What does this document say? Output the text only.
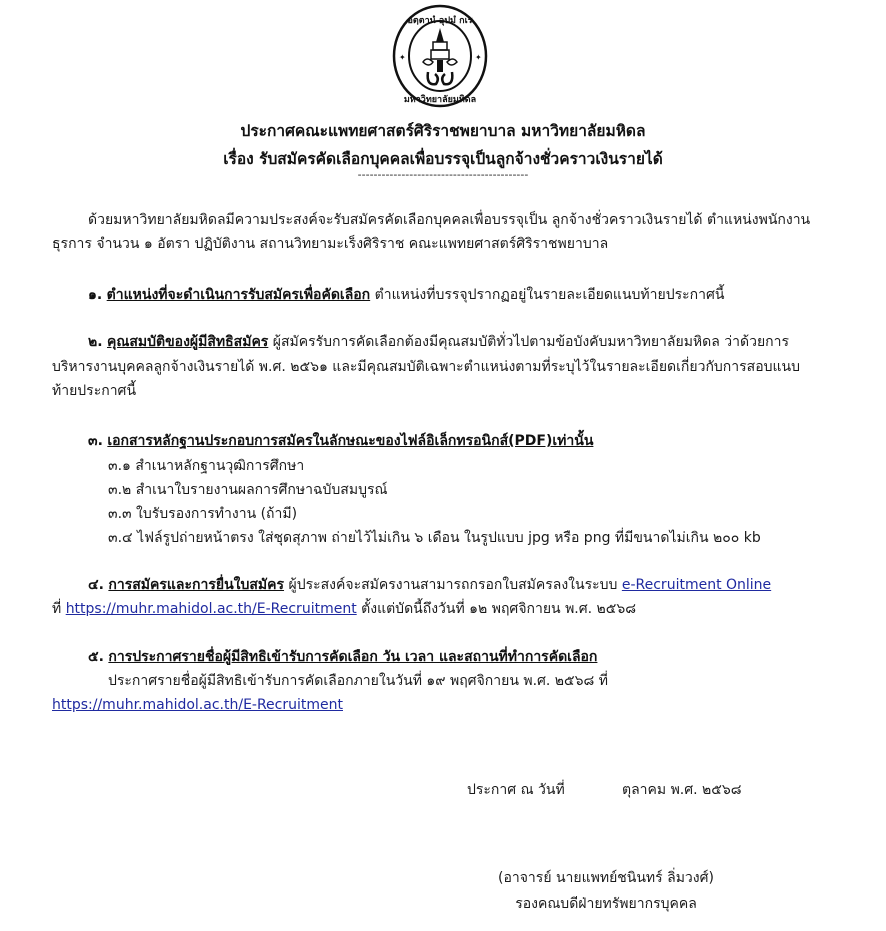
อตฺตานํ อุปมํ กเร
มหาวิทยาลัยมหิดล
✦	✦
ประกาศคณะแพทยศาสตร์ศิริราชพยาบาล มหาวิทยาลัยมหิดล
เรื่อง รับสมัครคัดเลือกบุคคลเพื่อบรรจุเป็นลูกจ้างชั่วคราวเงินรายได้
-------------------------------------------
ด้วยมหาวิทยาลัยมหิดลมีความประสงค์จะรับสมัครคัดเลือกบุคคลเพื่อบรรจุเป็น ลูกจ้างชั่วคราวเงินรายได้ ตำแหน่งพนักงาน
ธุรการ จำนวน ๑ อัตรา ปฏิบัติงาน สถานวิทยามะเร็งศิริราช คณะแพทยศาสตร์ศิริราชพยาบาล
๑. ตำแหน่งที่จะดำเนินการรับสมัครเพื่อคัดเลือก ตำแหน่งที่บรรจุปรากฏอยู่ในรายละเอียดแนบท้ายประกาศนี้
๒. คุณสมบัติของผู้มีสิทธิสมัคร ผู้สมัครรับการคัดเลือกต้องมีคุณสมบัติทั่วไปตามข้อบังคับมหาวิทยาลัยมหิดล ว่าด้วยการ
บริหารงานบุคคลลูกจ้างเงินรายได้ พ.ศ. ๒๕๖๑ และมีคุณสมบัติเฉพาะตำแหน่งตามที่ระบุไว้ในรายละเอียดเกี่ยวกับการสอบแนบ
ท้ายประกาศนี้
๓. เอกสารหลักฐานประกอบการสมัครในลักษณะของไฟล์อิเล็กทรอนิกส์(PDF)เท่านั้น
๓.๑ สำเนาหลักฐานวุฒิการศึกษา
๓.๒ สำเนาใบรายงานผลการศึกษาฉบับสมบูรณ์
๓.๓ ใบรับรองการทำงาน (ถ้ามี)
๓.๔ ไฟล์รูปถ่ายหน้าตรง ใส่ชุดสุภาพ ถ่ายไว้ไม่เกิน ๖ เดือน ในรูปแบบ jpg หรือ png ที่มีขนาดไม่เกิน ๒๐๐ kb
๔. การสมัครและการยื่นใบสมัคร ผู้ประสงค์จะสมัครงานสามารถกรอกใบสมัครลงในระบบ e-Recruitment Online
ที่ https://muhr.mahidol.ac.th/E-Recruitment ตั้งแต่บัดนี้ถึงวันที่ ๑๒ พฤศจิกายน พ.ศ. ๒๕๖๘
๕. การประกาศรายชื่อผู้มีสิทธิเข้ารับการคัดเลือก วัน เวลา และสถานที่ทำการคัดเลือก
ประกาศรายชื่อผู้มีสิทธิเข้ารับการคัดเลือกภายในวันที่ ๑๙ พฤศจิกายน พ.ศ. ๒๕๖๘ ที่
https://muhr.mahidol.ac.th/E-Recruitment
ประกาศ ณ วันที่	ตุลาคม พ.ศ. ๒๕๖๘
(อาจารย์ นายแพทย์ชนินทร์ ลิ่มวงศ์)
รองคณบดีฝ่ายทรัพยากรบุคคล
